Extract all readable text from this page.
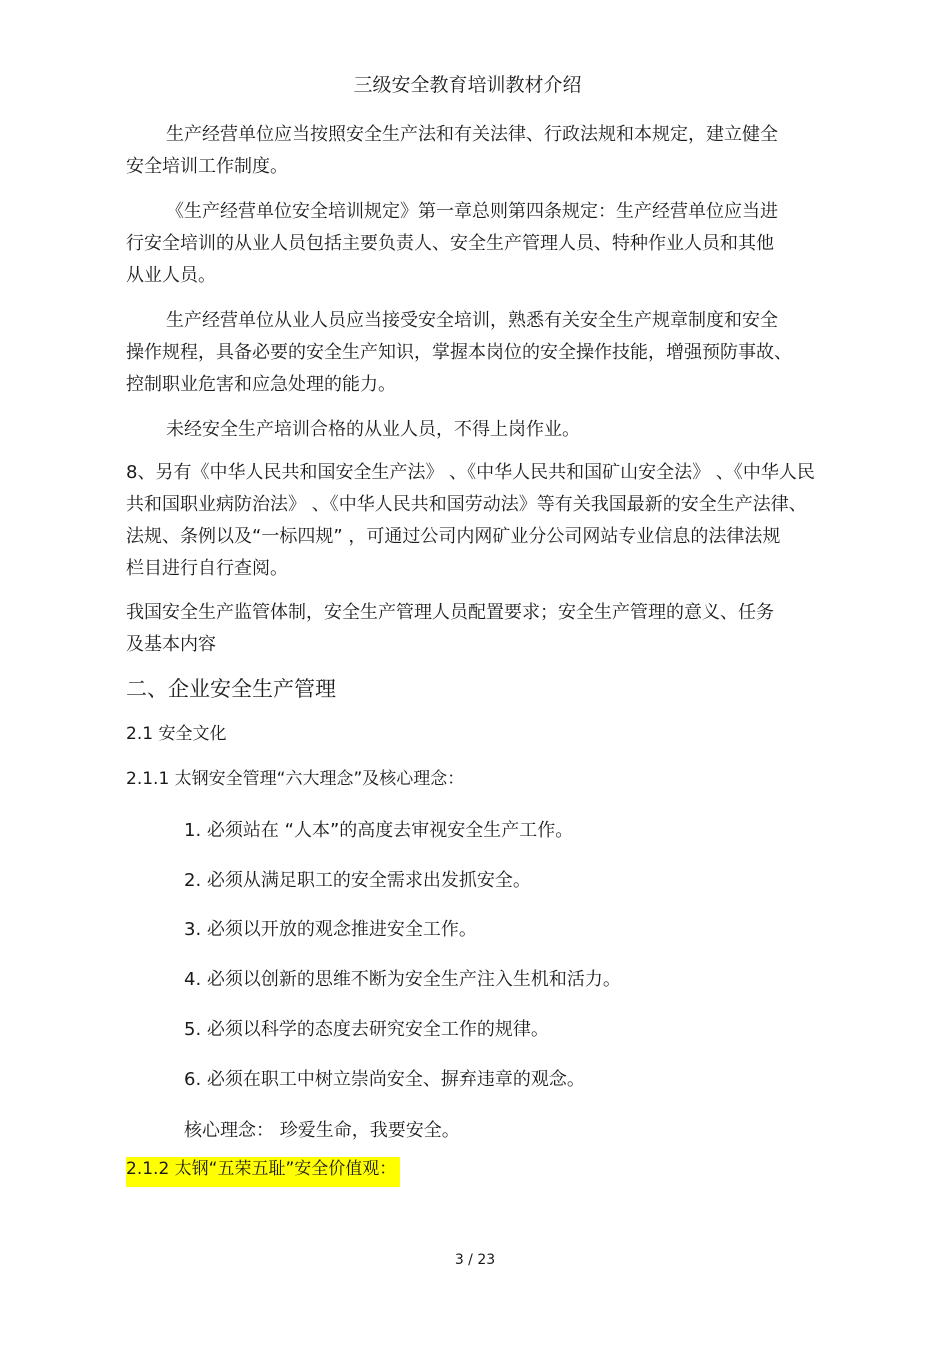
三级安全教育培训教材介绍
生产经营单位应当按照安全生产法和有关法律、行政法规和本规定，建立健全
安全培训工作制度。
《生产经营单位安全培训规定》第一章总则第四条规定：生产经营单位应当进
行安全培训的从业人员包括主要负责人、安全生产管理人员、特种作业人员和其他
从业人员。
生产经营单位从业人员应当接受安全培训，熟悉有关安全生产规章制度和安全
操作规程，具备必要的安全生产知识，掌握本岗位的安全操作技能，增强预防事故、
控制职业危害和应急处理的能力。
未经安全生产培训合格的从业人员，不得上岗作业。
8、另有《中华人民共和国安全生产法》 、《中华人民共和国矿山安全法》 、《中华人民
共和国职业病防治法》 、《中华人民共和国劳动法》等有关我国最新的安全生产法律、
法规、条例以及“一标四规” ，可通过公司内网矿业分公司网站专业信息的法律法规
栏目进行自行查阅。
我国安全生产监管体制，安全生产管理人员配置要求；安全生产管理的意义、任务
及基本内容
二、企业安全生产管理
2.1 安全文化
2.1.1 太钢安全管理“六大理念”及核心理念：
1. 必须站在 “人本”的高度去审视安全生产工作。
2. 必须从满足职工的安全需求出发抓安全。
3. 必须以开放的观念推进安全工作。
4. 必须以创新的思维不断为安全生产注入生机和活力。
5. 必须以科学的态度去研究安全工作的规律。
6. 必须在职工中树立崇尚安全、摒弃违章的观念。
核心理念： 珍爱生命，我要安全。
2.1.2 太钢“五荣五耻”安全价值观：
3 / 23
